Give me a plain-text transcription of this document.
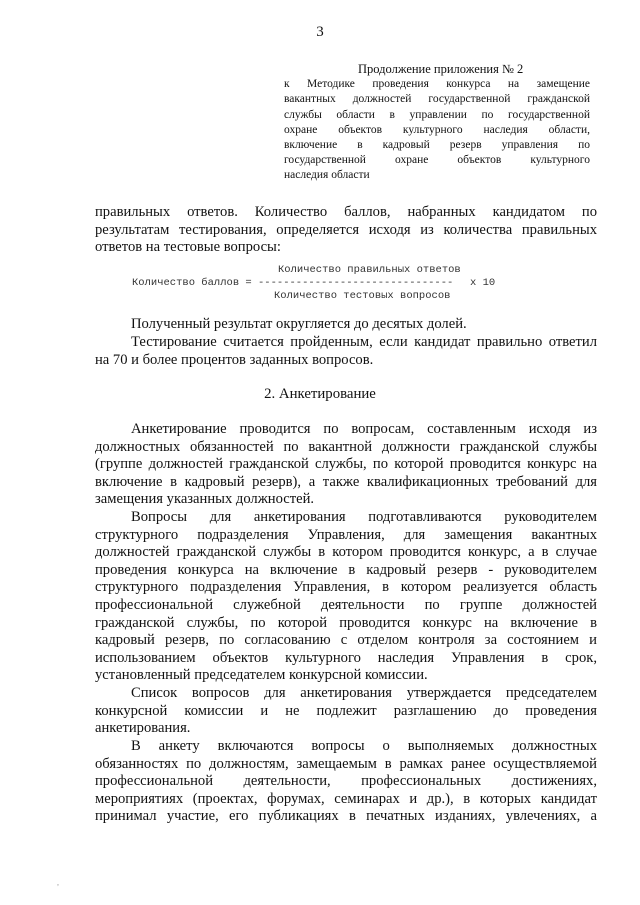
3
Продолжение приложения № 2
к Методике проведения конкурса на замещение
вакантных должностей государственной гражданской
службы области в управлении по государственной
охране объектов культурного наследия области,
включение в кадровый резерв управления по
государственной охране объектов культурного
наследия области
правильных ответов. Количество баллов, набранных кандидатом по
результатам тестирования, определяется исходя из количества правильных
ответов на тестовые вопросы:
Количество правильных ответов
Количество баллов = ------------------------------- x 10
Количество тестовых вопросов

Полученный результат округляется до десятых долей.

Тестирование считается пройденным, если кандидат правильно ответил
на 70 и более процентов заданных вопросов.
2. Анкетирование
Анкетирование проводится по вопросам, составленным исходя из
должностных обязанностей по вакантной должности гражданской службы
(группе должностей гражданской службы, по которой проводится конкурс на
включение в кадровый резерв), а также квалификационных требований для
замещения указанных должностей.
Вопросы для анкетирования подготавливаются руководителем
структурного подразделения Управления, для замещения вакантных
должностей гражданской службы в котором проводится конкурс, а в случае
проведения конкурса на включение в кадровый резерв - руководителем
структурного подразделения Управления, в котором реализуется область
профессиональной служебной деятельности по группе должностей
гражданской службы, по которой проводится конкурс на включение в
кадровый резерв, по согласованию с отделом контроля за состоянием и
использованием объектов культурного наследия Управления в срок,
установленный председателем конкурсной комиссии.
Список вопросов для анкетирования утверждается председателем
конкурсной комиссии и не подлежит разглашению до проведения
анкетирования.
В анкету включаются вопросы о выполняемых должностных
обязанностях по должностям, замещаемым в рамках ранее осуществляемой
профессиональной деятельности, профессиональных достижениях,
мероприятиях (проектах, форумах, семинарах и др.), в которых кандидат
принимал участие, его публикациях в печатных изданиях, увлечениях, а
,
